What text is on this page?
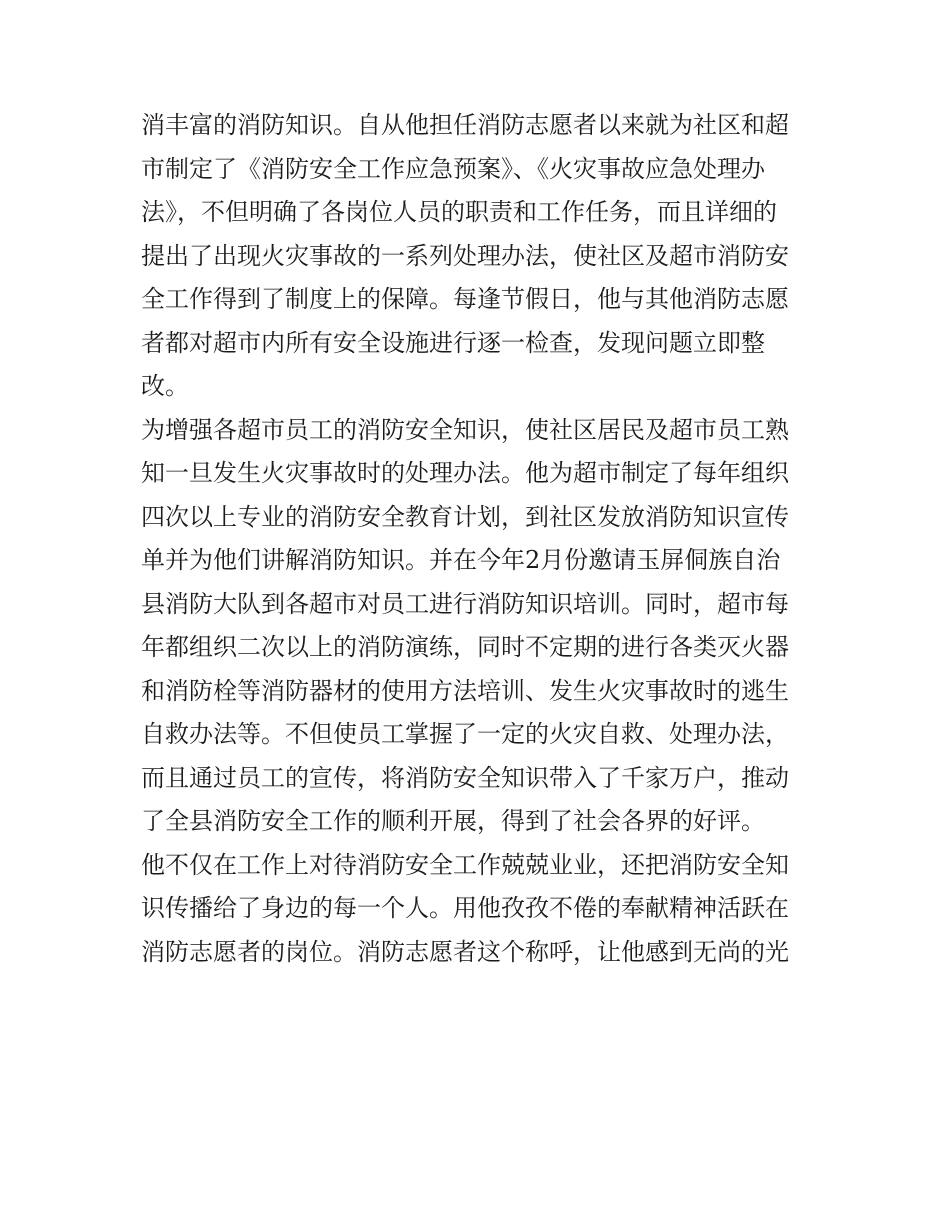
消丰富的消防知识。自从他担任消防志愿者以来就为社区和超
市制定了《消防安全工作应急预案》、《火灾事故应急处理办
法》，不但明确了各岗位人员的职责和工作任务，而且详细的
提出了出现火灾事故的一系列处理办法，使社区及超市消防安
全工作得到了制度上的保障。每逢节假日，他与其他消防志愿
者都对超市内所有安全设施进行逐一检查，发现问题立即整
改。
为增强各超市员工的消防安全知识，使社区居民及超市员工熟
知一旦发生火灾事故时的处理办法。他为超市制定了每年组织
四次以上专业的消防安全教育计划，到社区发放消防知识宣传
单并为他们讲解消防知识。并在今年2月份邀请玉屏侗族自治
县消防大队到各超市对员工进行消防知识培训。同时，超市每
年都组织二次以上的消防演练，同时不定期的进行各类灭火器
和消防栓等消防器材的使用方法培训、发生火灾事故时的逃生
自救办法等。不但使员工掌握了一定的火灾自救、处理办法，
而且通过员工的宣传，将消防安全知识带入了千家万户，推动
了全县消防安全工作的顺利开展，得到了社会各界的好评。
他不仅在工作上对待消防安全工作兢兢业业，还把消防安全知
识传播给了身边的每一个人。用他孜孜不倦的奉献精神活跃在
消防志愿者的岗位。消防志愿者这个称呼，让他感到无尚的光
